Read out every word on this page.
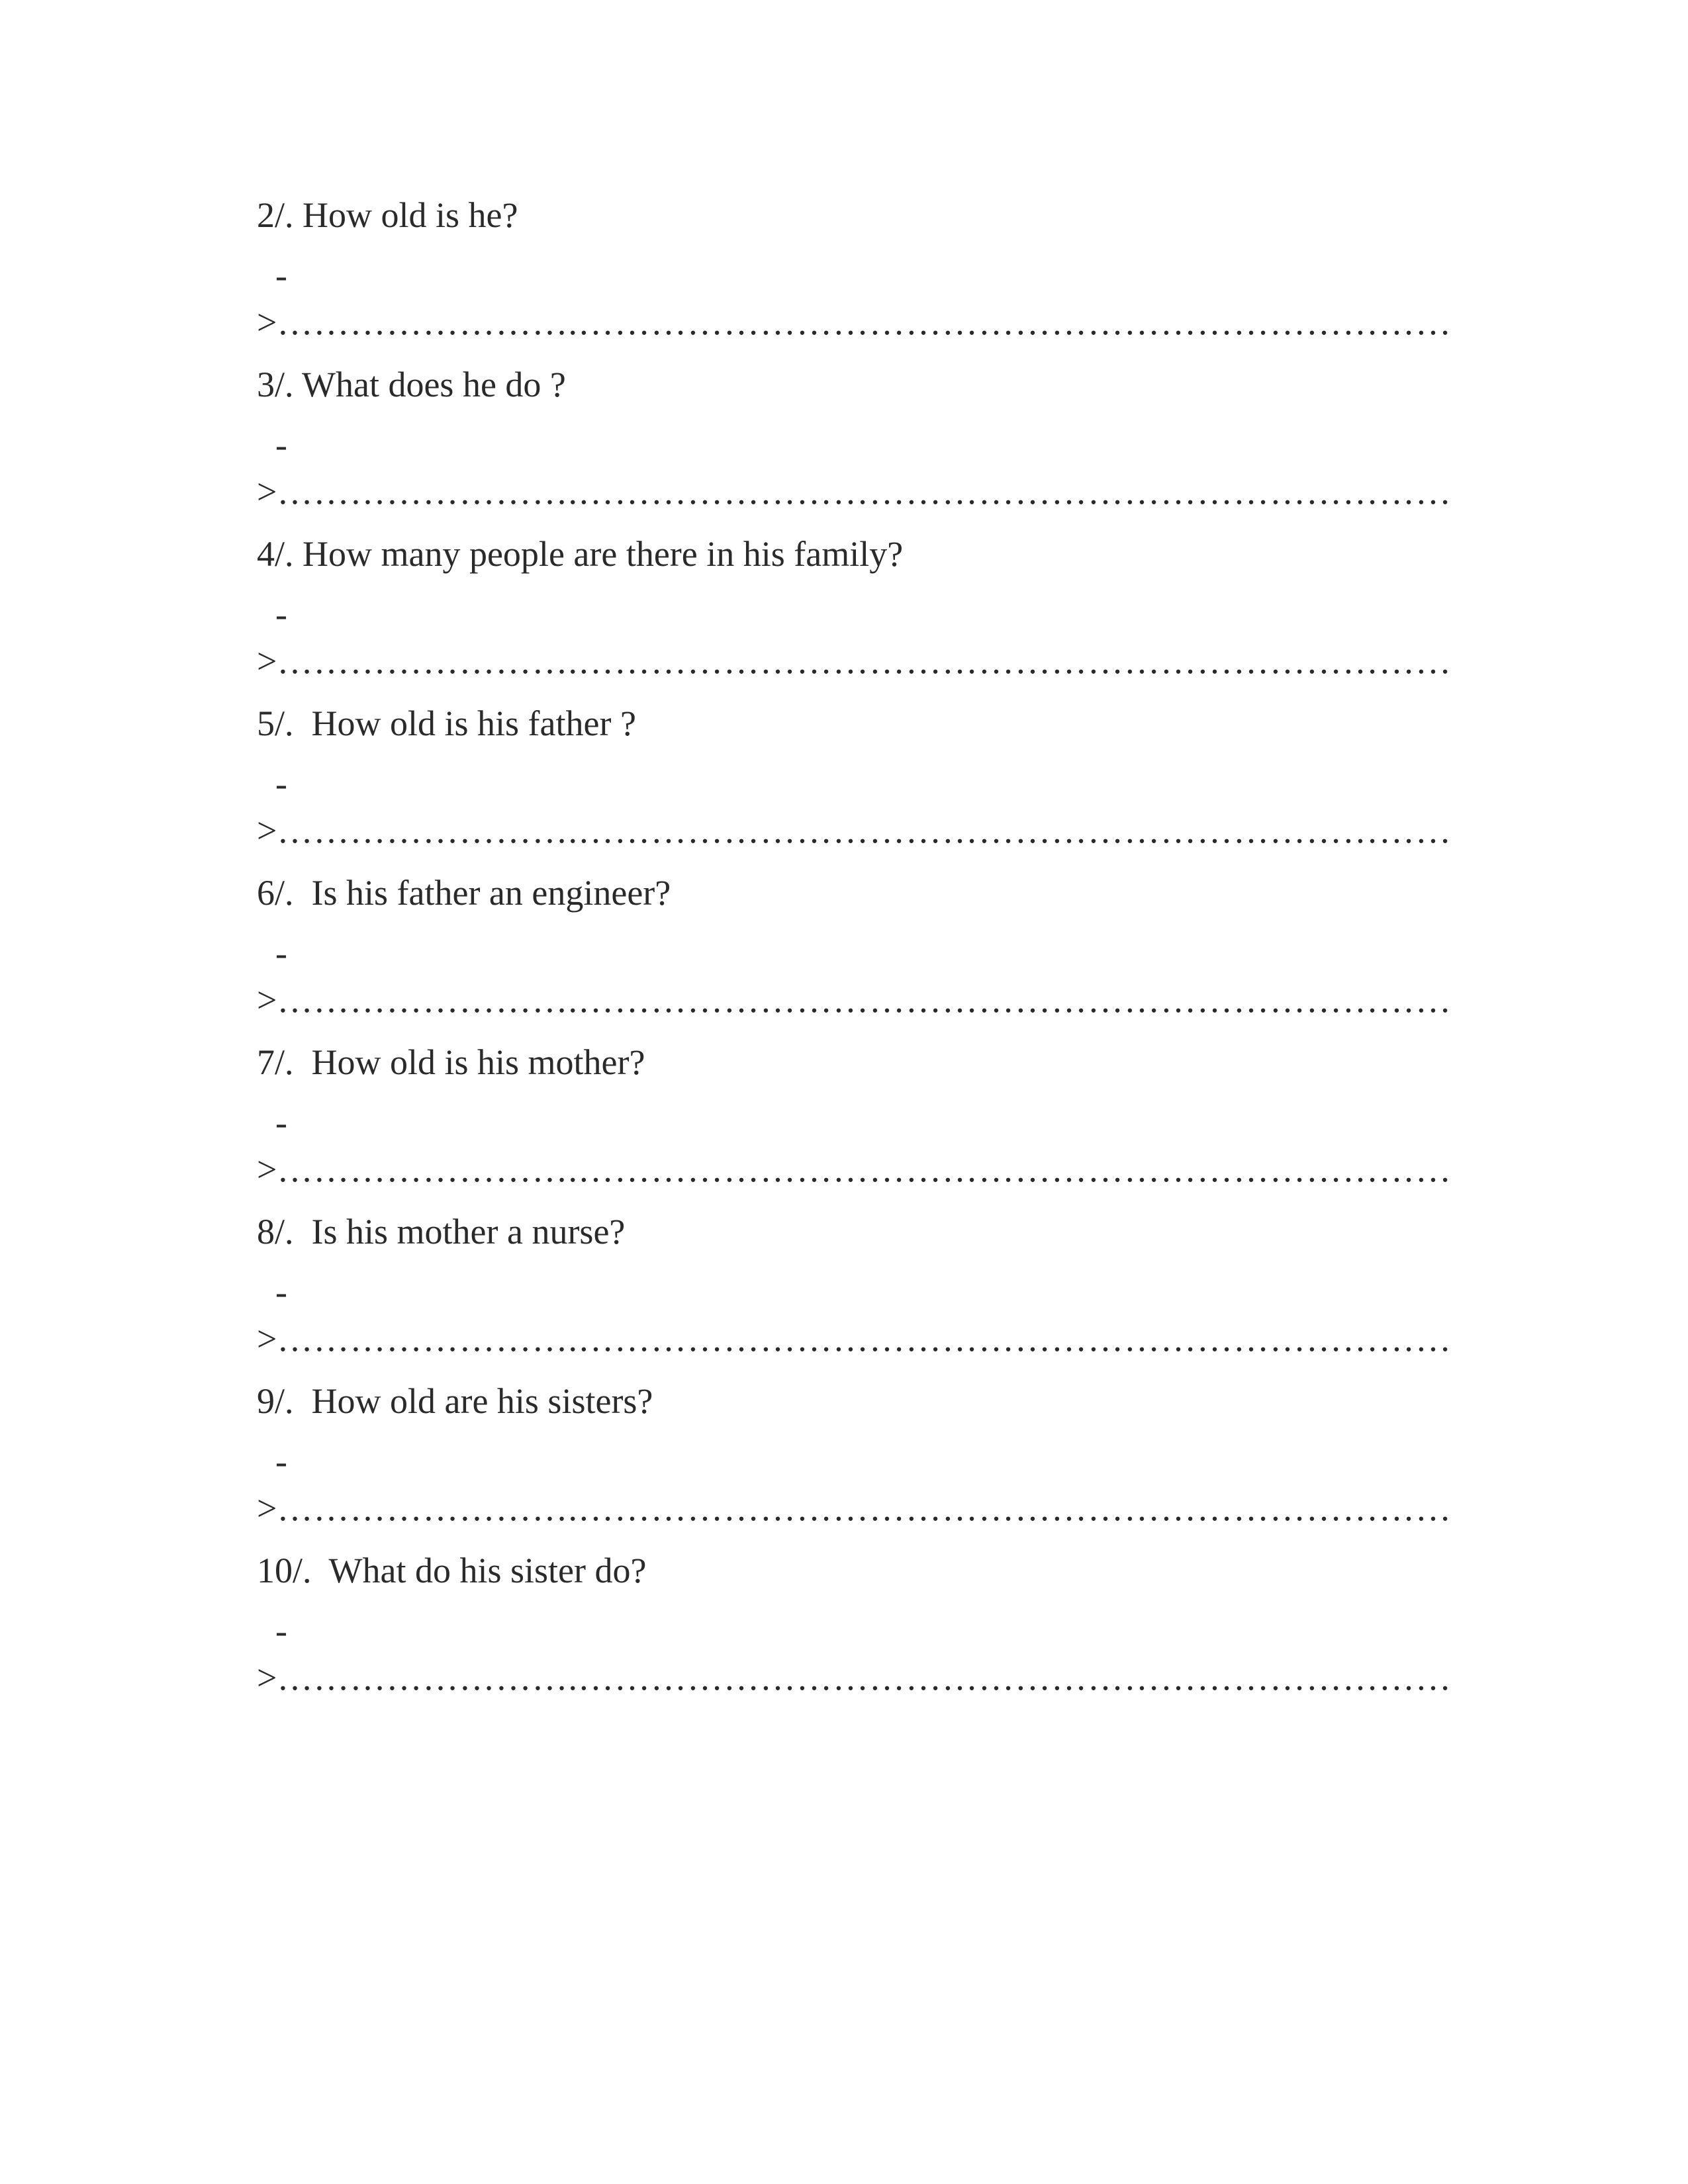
2/. How old is he?
-
>…………………….………………………………………………………………
3/. What does he do ?
-
>…………………….………………………………………………………………
4/. How many people are there in his family?
-
>…………………….………………………………………………………………
5/.  How old is his father ?
-
>…………………….………………………………………………………………
6/.  Is his father an engineer?
-
>…………………….………………………………………………………………
7/.  How old is his mother?
-
>…………………….………………………………………………………………
8/.  Is his mother a nurse?
-
>…………………….………………………………………………………………
9/.  How old are his sisters?
-
>…………………….………………………………………………………………
10/.  What do his sister do?
-
>…………………….………………………………………………………………
